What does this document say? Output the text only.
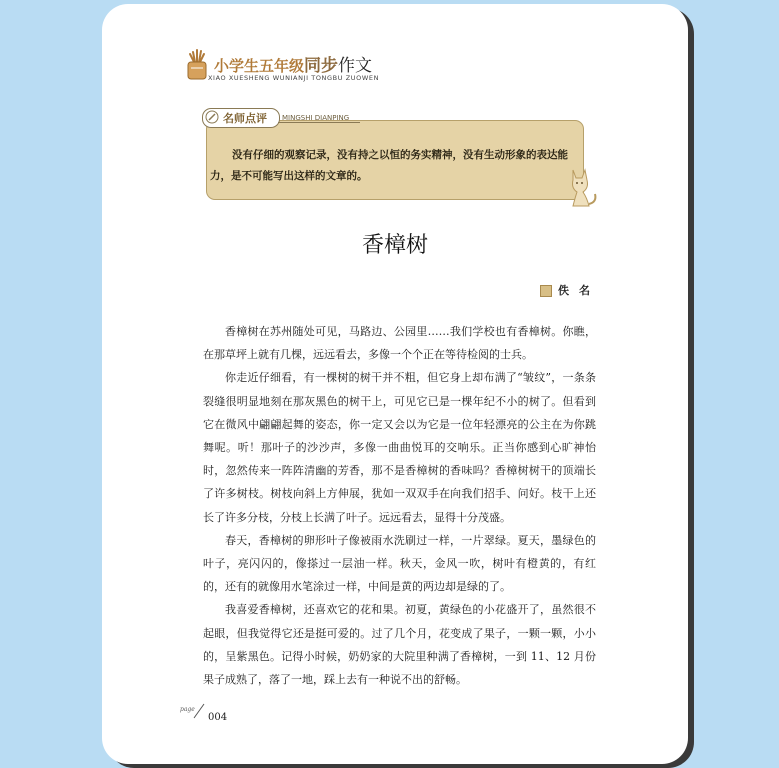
小学生五年级同步作文
XIAO XUESHENG WUNIANJI TONGBU ZUOWEN
名师点评 MINGSHI DIANPING
没有仔细的观察记录，没有持之以恒的务实精神，没有生动形象的表达能力，是不可能写出这样的文章的。
香樟树
佚名

香樟树在苏州随处可见，马路边、公园里……我们学校也有香樟树。你瞧，在那草坪上就有几棵，远远看去，多像一个个正在等待检阅的士兵。

你走近仔细看，有一棵树的树干并不粗，但它身上却布满了“皱纹”，一条条裂缝很明显地刻在那灰黑色的树干上，可见它已是一棵年纪不小的树了。但看到它在微风中翩翩起舞的姿态，你一定又会以为它是一位年轻漂亮的公主在为你跳舞呢。听！那叶子的沙沙声，多像一曲曲悦耳的交响乐。正当你感到心旷神怡时，忽然传来一阵阵清幽的芳香，那不是香樟树的香味吗？香樟树树干的顶端长了许多树枝。树枝向斜上方伸展，犹如一双双手在向我们招手、问好。枝干上还长了许多分枝，分枝上长满了叶子。远远看去，显得十分茂盛。

春天，香樟树的卵形叶子像被雨水洗刷过一样，一片翠绿。夏天，墨绿色的叶子，亮闪闪的，像搽过一层油一样。秋天，金风一吹，树叶有橙黄的，有红的，还有的就像用水笔涂过一样，中间是黄的两边却是绿的了。

我喜爱香樟树，还喜欢它的花和果。初夏，黄绿色的小花盛开了，虽然很不起眼，但我觉得它还是挺可爱的。过了几个月，花变成了果子，一颗一颗，小小的，呈紫黑色。记得小时候，奶奶家的大院里种满了香樟树，一到 11、12 月份果子成熟了，落了一地，踩上去有一种说不出的舒畅。

page
004
